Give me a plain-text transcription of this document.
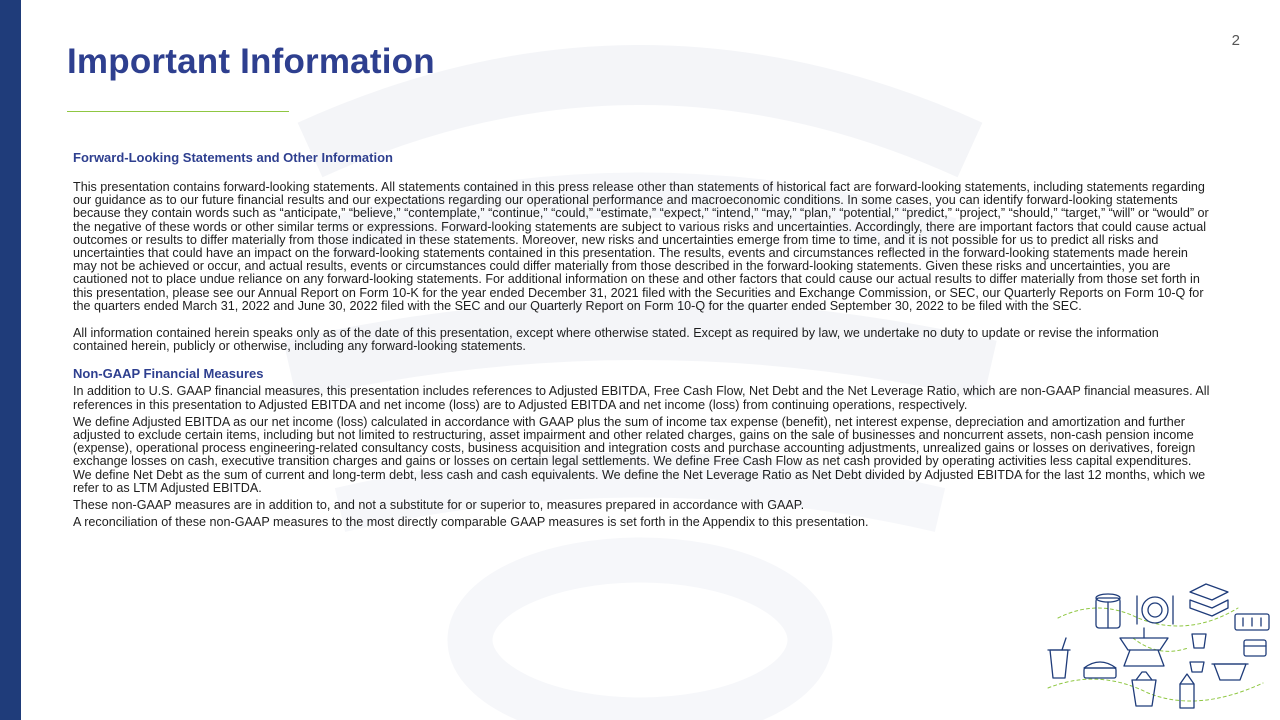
2
Important Information
Forward-Looking Statements and Other Information

This presentation contains forward-looking statements. All statements contained in this press release other than statements of historical fact are forward-looking statements, including statements regarding our guidance as to our future financial results and our expectations regarding our operational performance and macroeconomic conditions. In some cases, you can identify forward-looking statements because they contain words such as “anticipate,” “believe,” “contemplate,” “continue,” “could,” “estimate,” “expect,” “intend,” “may,” “plan,” “potential,” “predict,” “project,” “should,” “target,” “will” or “would” or the negative of these words or other similar terms or expressions. Forward-looking statements are subject to various risks and uncertainties. Accordingly, there are important factors that could cause actual outcomes or results to differ materially from those indicated in these statements. Moreover, new risks and uncertainties emerge from time to time, and it is not possible for us to predict all risks and uncertainties that could have an impact on the forward-looking statements contained in this presentation. The results, events and circumstances reflected in the forward-looking statements made herein may not be achieved or occur, and actual results, events or circumstances could differ materially from those described in the forward-looking statements. Given these risks and uncertainties, you are cautioned not to place undue reliance on any forward-looking statements. For additional information on these and other factors that could cause our actual results to differ materially from those set forth in this presentation, please see our Annual Report on Form 10-K for the year ended December 31, 2021 filed with the Securities and Exchange Commission, or SEC, our Quarterly Reports on Form 10-Q for the quarters ended March 31, 2022 and June 30, 2022 filed with the SEC and our Quarterly Report on Form 10-Q for the quarter ended September 30, 2022 to be filed with the SEC.

All information contained herein speaks only as of the date of this presentation, except where otherwise stated. Except as required by law, we undertake no duty to update or revise the information contained herein, publicly or otherwise, including any forward-looking statements.

Non-GAAP Financial Measures

In addition to U.S. GAAP financial measures, this presentation includes references to Adjusted EBITDA, Free Cash Flow, Net Debt and the Net Leverage Ratio, which are non-GAAP financial measures. All references in this presentation to Adjusted EBITDA and net income (loss) are to Adjusted EBITDA and net income (loss) from continuing operations, respectively.

We define Adjusted EBITDA as our net income (loss) calculated in accordance with GAAP plus the sum of income tax expense (benefit), net interest expense, depreciation and amortization and further adjusted to exclude certain items, including but not limited to restructuring, asset impairment and other related charges, gains on the sale of businesses and noncurrent assets, non-cash pension income (expense), operational process engineering-related consultancy costs, business acquisition and integration costs and purchase accounting adjustments, unrealized gains or losses on derivatives, foreign exchange losses on cash, executive transition charges and gains or losses on certain legal settlements. We define Free Cash Flow as net cash provided by operating activities less capital expenditures. We define Net Debt as the sum of current and long-term debt, less cash and cash equivalents. We define the Net Leverage Ratio as Net Debt divided by Adjusted EBITDA for the last 12 months, which we refer to as LTM Adjusted EBITDA.

These non-GAAP measures are in addition to, and not a substitute for or superior to, measures prepared in accordance with GAAP.

A reconciliation of these non-GAAP measures to the most directly comparable GAAP measures is set forth in the Appendix to this presentation.
